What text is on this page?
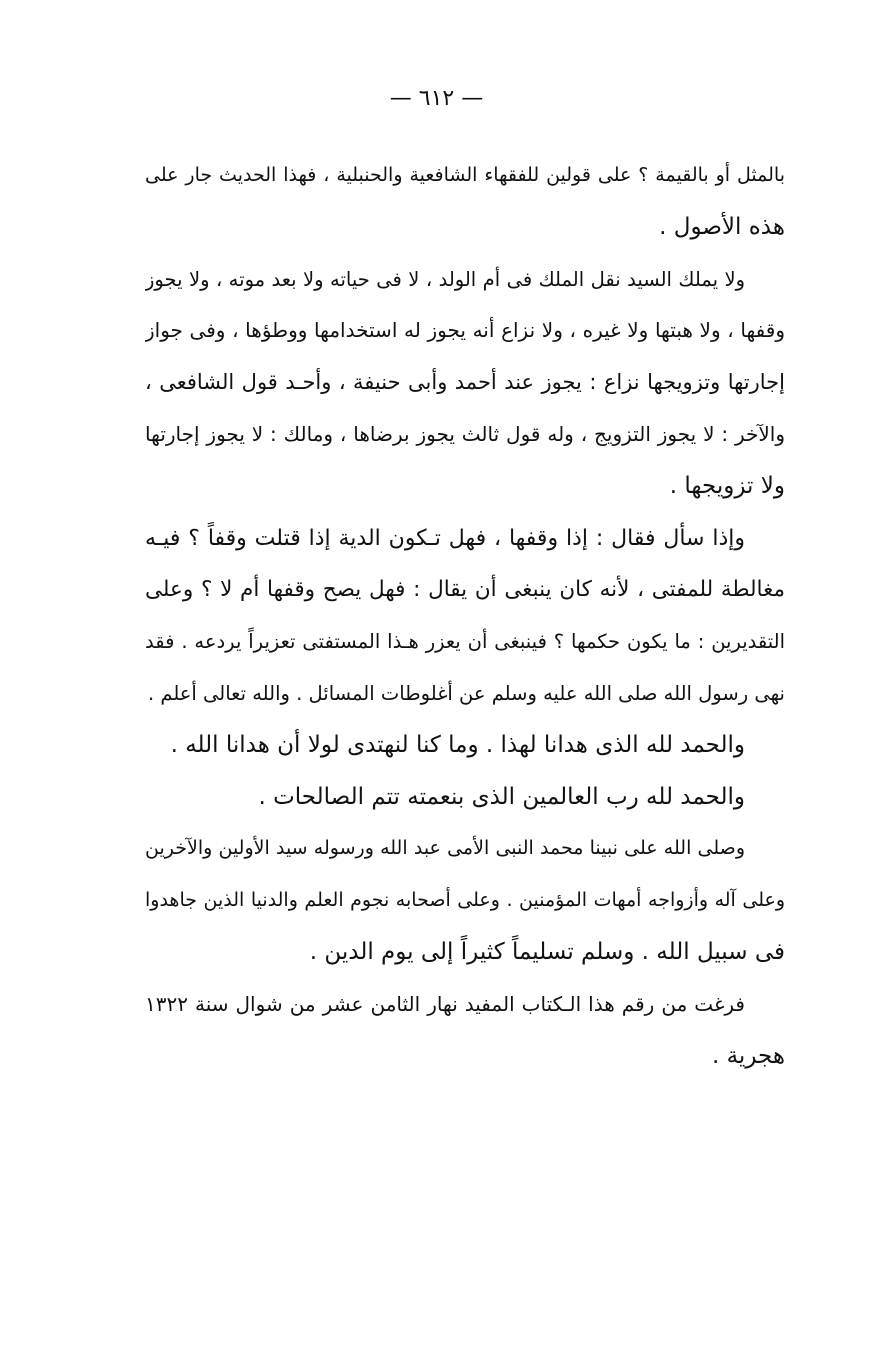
— ٦١٢ —
بالمثل أو بالقيمة ؟ على قولين للفقهاء الشافعية والحنبلية ، فهذا الحديث جار على
هذه الأصول .
ولا يملك السيد نقل الملك فى أم الولد ، لا فى حياته ولا بعد موته ، ولا يجوز
وقفها ، ولا هبتها ولا غيره ، ولا نزاع أنه يجوز له استخدامها ووطؤها ، وفى جواز
إجارتها وتزويجها نزاع : يجوز عند أحمد وأبى حنيفة ، وأحـد قول الشافعى ،
والآخر : لا يجوز التزويج ، وله قول ثالث يجوز برضاها ، ومالك : لا يجوز إجارتها
ولا تزويجها .
وإذا سأل فقال : إذا وقفها ، فهل تـكون الدية إذا قتلت وقفاً ؟ فيـه
مغالطة للمفتى ، لأنه كان ينبغى أن يقال : فهل يصح وقفها أم لا ؟ وعلى
التقديرين : ما يكون حكمها ؟ فينبغى أن يعزر هـذا المستفتى تعزيراً يردعه . فقد
نهى رسول الله صلى الله عليه وسلم عن أغلوطات المسائل . والله تعالى أعلم .
والحمد لله الذى هدانا لهذا . وما كنا لنهتدى لولا أن هدانا الله .
والحمد لله رب العالمين الذى بنعمته تتم الصالحات .
وصلى الله على نبينا محمد النبى الأمى عبد الله ورسوله سيد الأولين والآخرين
وعلى آله وأزواجه أمهات المؤمنين . وعلى أصحابه نجوم العلم والدنيا الذين جاهدوا
فى سبيل الله . وسلم تسليماً كثيراً إلى يوم الدين .
فرغت من رقم هذا الـكتاب المفيد نهار الثامن عشر من شوال سنة ١٣٢٢
هجرية .
